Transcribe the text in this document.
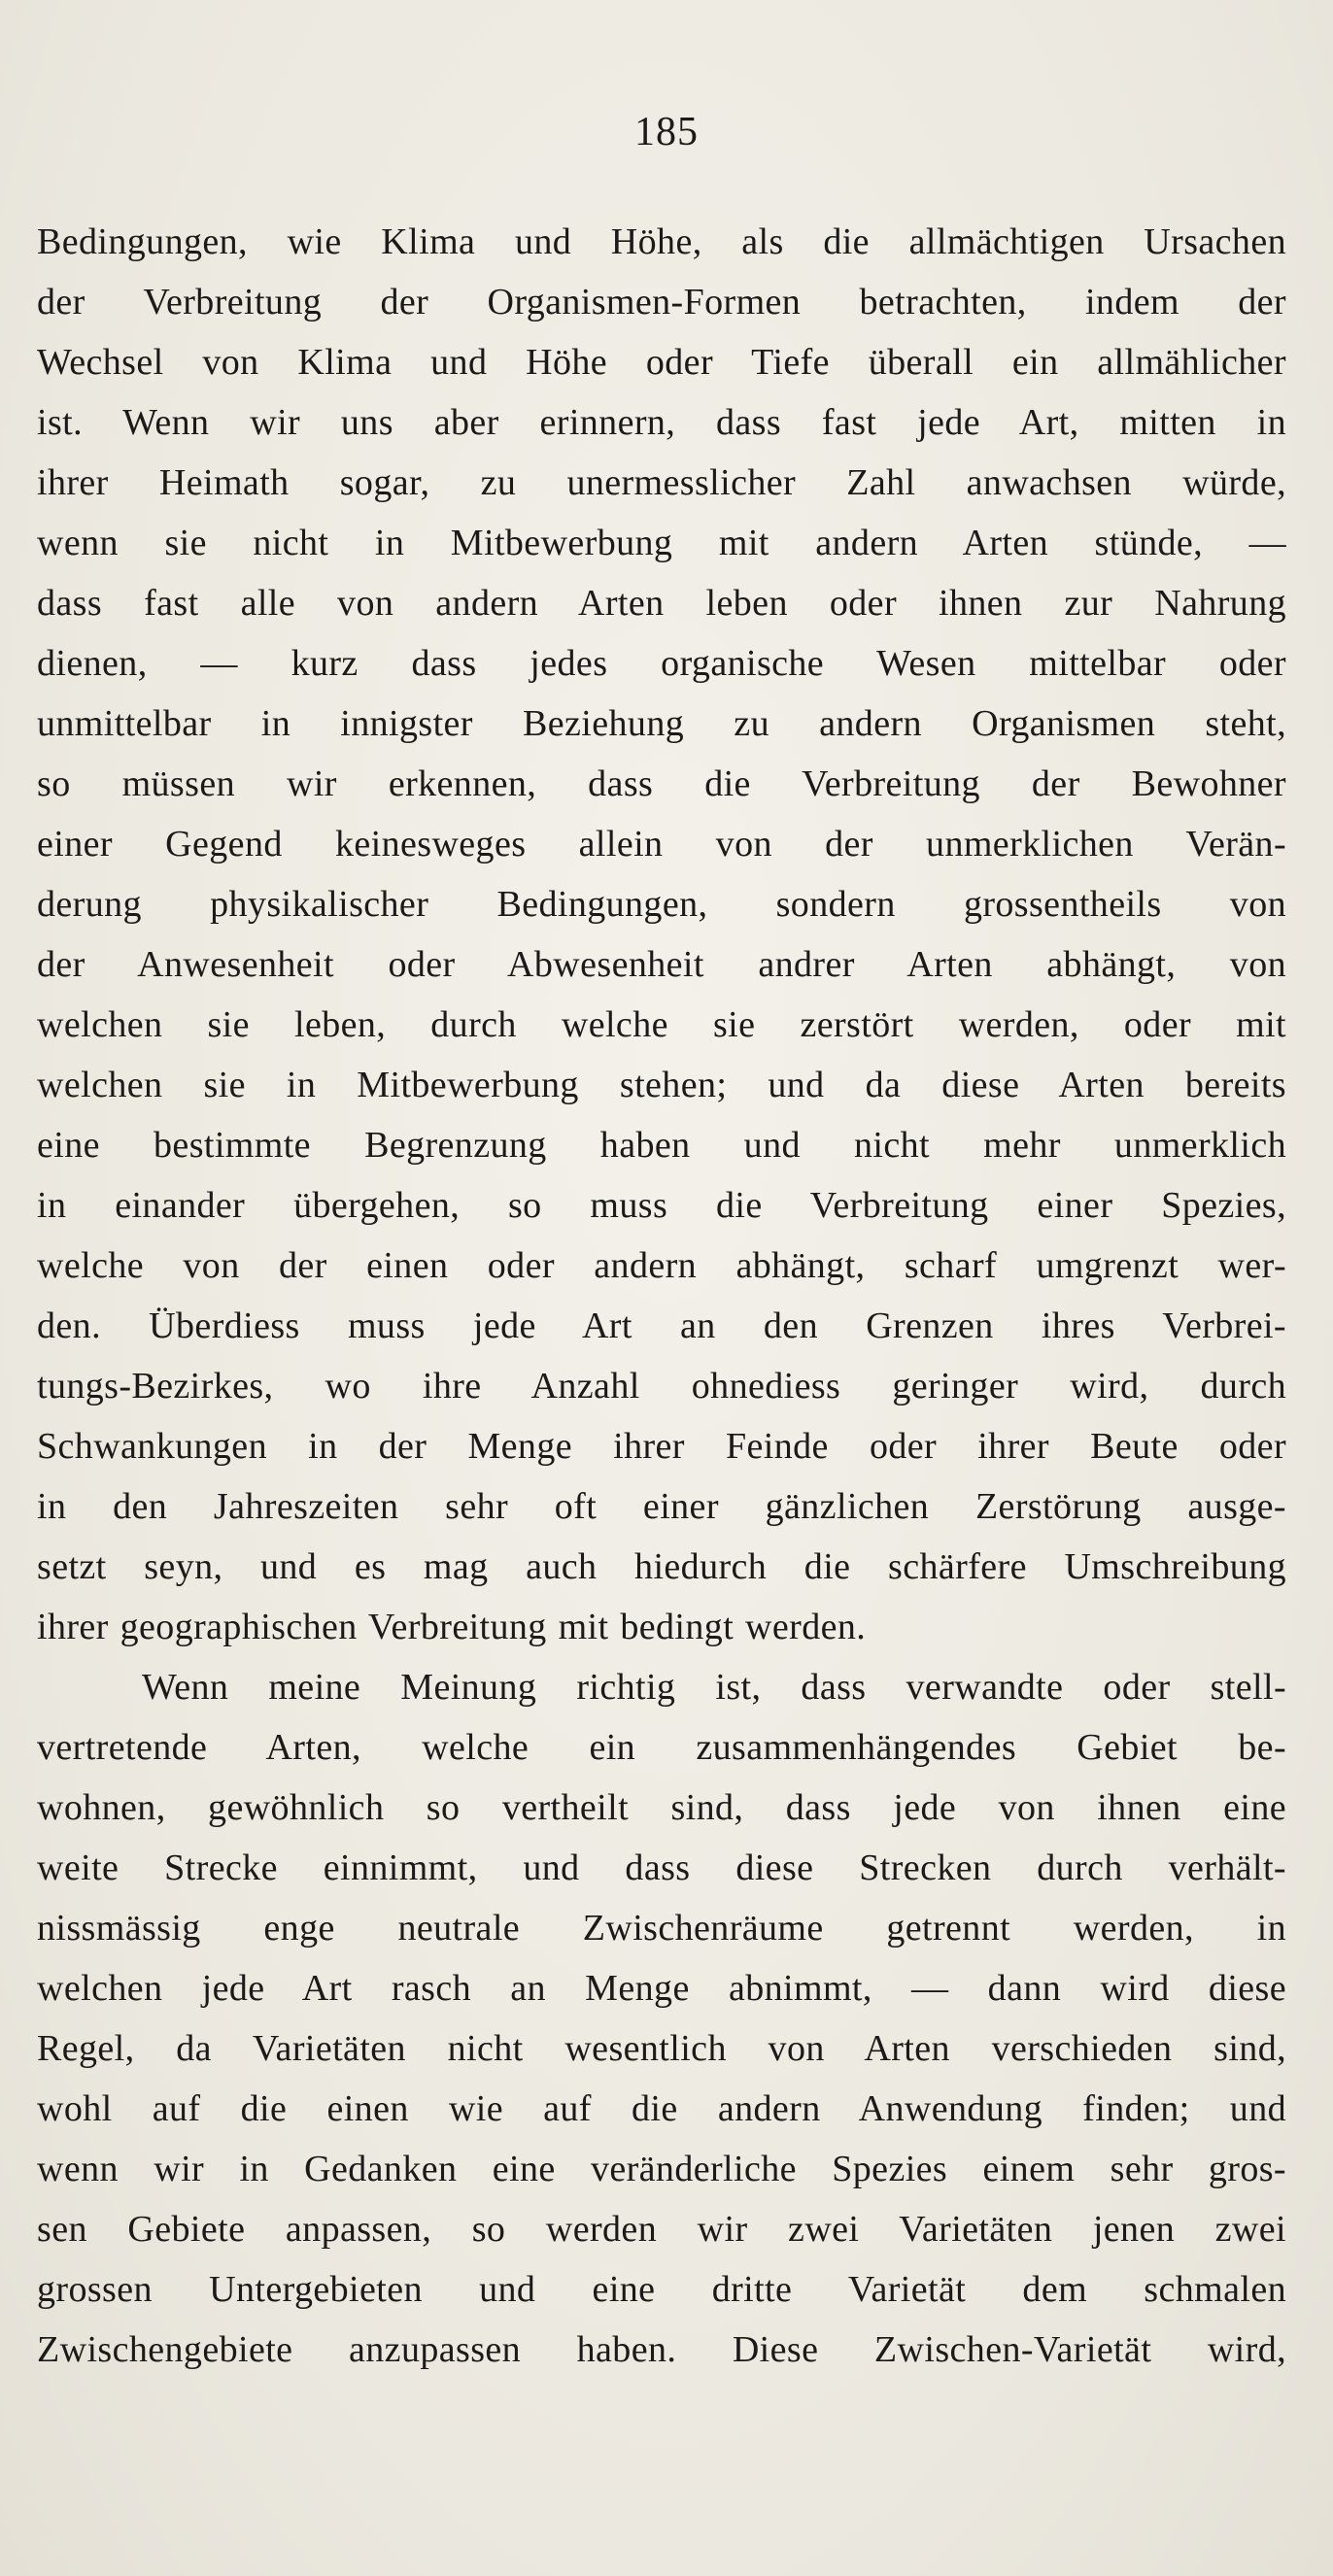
185
Bedingungen, wie Klima und Höhe, als die allmächtigen Ursachen
der Verbreitung der Organismen-Formen betrachten, indem der
Wechsel von Klima und Höhe oder Tiefe überall ein allmählicher
ist. Wenn wir uns aber erinnern, dass fast jede Art, mitten in
ihrer Heimath sogar, zu unermesslicher Zahl anwachsen würde,
wenn sie nicht in Mitbewerbung mit andern Arten stünde, —
dass fast alle von andern Arten leben oder ihnen zur Nahrung
dienen, — kurz dass jedes organische Wesen mittelbar oder
unmittelbar in innigster Beziehung zu andern Organismen steht,
so müssen wir erkennen, dass die Verbreitung der Bewohner
einer Gegend keinesweges allein von der unmerklichen Verän-
derung physikalischer Bedingungen, sondern grossentheils von
der Anwesenheit oder Abwesenheit andrer Arten abhängt, von
welchen sie leben, durch welche sie zerstört werden, oder mit
welchen sie in Mitbewerbung stehen; und da diese Arten bereits
eine bestimmte Begrenzung haben und nicht mehr unmerklich
in einander übergehen, so muss die Verbreitung einer Spezies,
welche von der einen oder andern abhängt, scharf umgrenzt wer-
den. Überdiess muss jede Art an den Grenzen ihres Verbrei-
tungs-Bezirkes, wo ihre Anzahl ohnediess geringer wird, durch
Schwankungen in der Menge ihrer Feinde oder ihrer Beute oder
in den Jahreszeiten sehr oft einer gänzlichen Zerstörung ausge-
setzt seyn, und es mag auch hiedurch die schärfere Umschreibung
ihrer geographischen Verbreitung mit bedingt werden.
Wenn meine Meinung richtig ist, dass verwandte oder stell-
vertretende Arten, welche ein zusammenhängendes Gebiet be-
wohnen, gewöhnlich so vertheilt sind, dass jede von ihnen eine
weite Strecke einnimmt, und dass diese Strecken durch verhält-
nissmässig enge neutrale Zwischenräume getrennt werden, in
welchen jede Art rasch an Menge abnimmt, — dann wird diese
Regel, da Varietäten nicht wesentlich von Arten verschieden sind,
wohl auf die einen wie auf die andern Anwendung finden; und
wenn wir in Gedanken eine veränderliche Spezies einem sehr gros-
sen Gebiete anpassen, so werden wir zwei Varietäten jenen zwei
grossen Untergebieten und eine dritte Varietät dem schmalen
Zwischengebiete anzupassen haben. Diese Zwischen-Varietät wird,
